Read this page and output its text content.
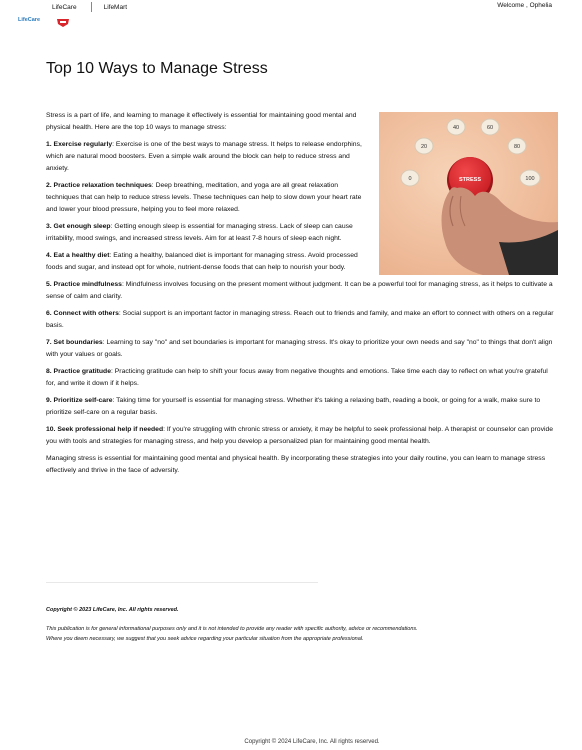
LifeCare	LifeMart	Welcome , Ophelia
LifeCare
Top 10 Ways to Manage Stress
0
20
40	60
80
100
STRESS

Stress is a part of life, and learning to manage it effectively is essential for maintaining good mental and physical health. Here are the top 10 ways to manage stress:

1. Exercise regularly: Exercise is one of the best ways to manage stress. It helps to release endorphins, which are natural mood boosters. Even a simple walk around the block can help to reduce stress and anxiety.

2. Practice relaxation techniques: Deep breathing, meditation, and yoga are all great relaxation techniques that can help to reduce stress levels. These techniques can help to slow down your heart rate and lower your blood pressure, helping you to feel more relaxed.

3. Get enough sleep: Getting enough sleep is essential for managing stress. Lack of sleep can cause irritability, mood swings, and increased stress levels. Aim for at least 7-8 hours of sleep each night.

4. Eat a healthy diet: Eating a healthy, balanced diet is important for managing stress. Avoid processed foods and sugar, and instead opt for whole, nutrient-dense foods that can help to nourish your body.

5. Practice mindfulness: Mindfulness involves focusing on the present moment without judgment. It can be a powerful tool for managing stress, as it helps to cultivate a sense of calm and clarity.

6. Connect with others: Social support is an important factor in managing stress. Reach out to friends and family, and make an effort to connect with others on a regular basis.

7. Set boundaries: Learning to say "no" and set boundaries is important for managing stress. It's okay to prioritize your own needs and say "no" to things that don't align with your values or goals.

8. Practice gratitude: Practicing gratitude can help to shift your focus away from negative thoughts and emotions. Take time each day to reflect on what you're grateful for, and write it down if it helps.

9. Prioritize self-care: Taking time for yourself is essential for managing stress. Whether it's taking a relaxing bath, reading a book, or going for a walk, make sure to prioritize self-care on a regular basis.

10. Seek professional help if needed: If you're struggling with chronic stress or anxiety, it may be helpful to seek professional help. A therapist or counselor can provide you with tools and strategies for managing stress, and help you develop a personalized plan for maintaining good mental health.

Managing stress is essential for maintaining good mental and physical health. By incorporating these strategies into your daily routine, you can learn to manage stress effectively and thrive in the face of adversity.

Copyright © 2023 LifeCare, Inc. All rights reserved.
This publication is for general informational purposes only and it is not intended to provide any reader with specific authority, advice or recommendations. Where you deem necessary, we suggest that you seek advice regarding your particular situation from the appropriate professional.
Copyright © 2024 LifeCare, Inc. All rights reserved.
